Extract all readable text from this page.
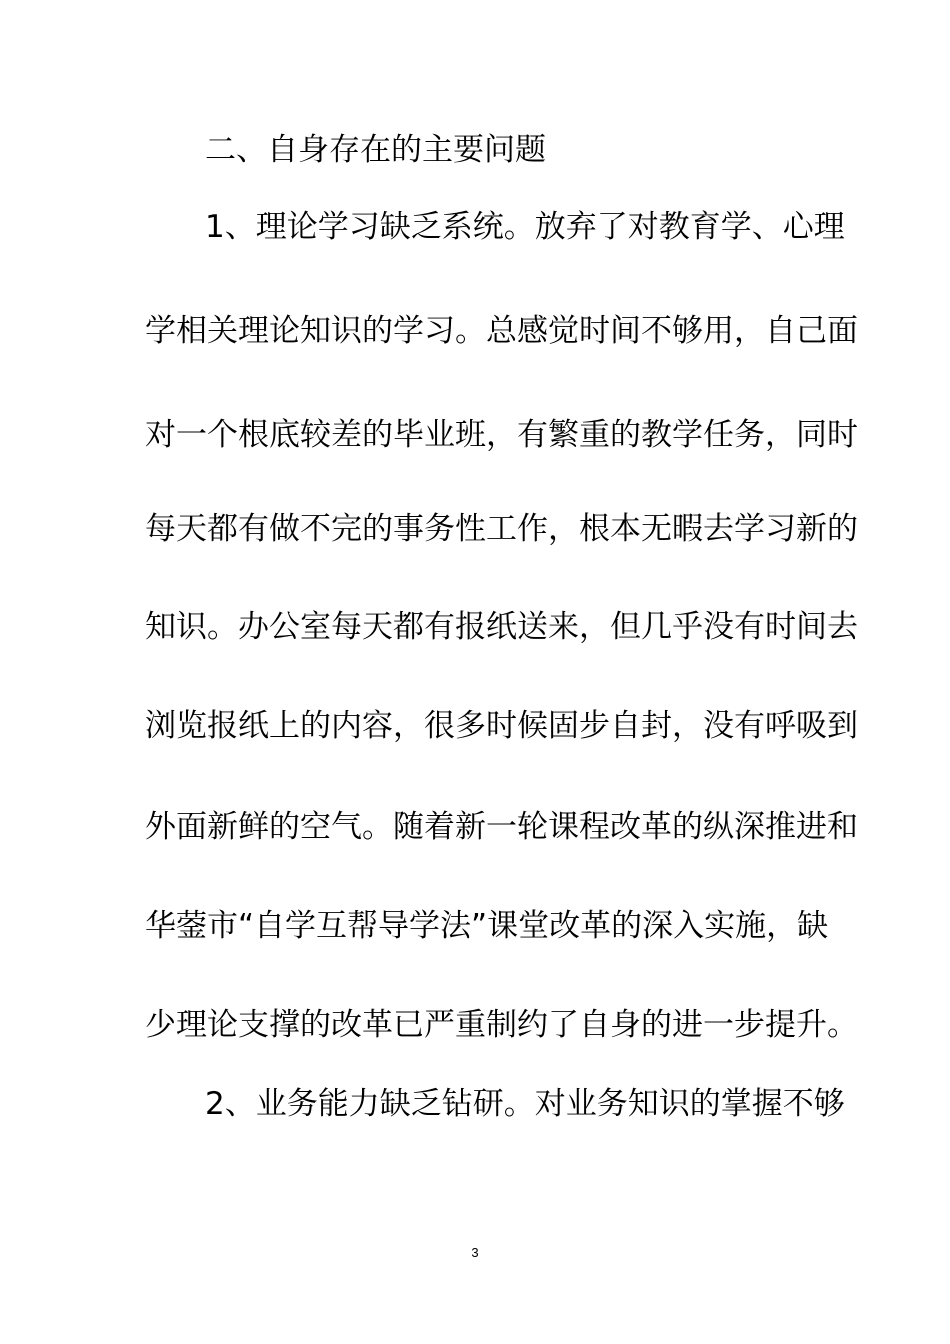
二、自身存在的主要问题

1、理论学习缺乏系统。放弃了对教育学、心理

学相关理论知识的学习。总感觉时间不够用，自己面

对一个根底较差的毕业班，有繁重的教学任务，同时

每天都有做不完的事务性工作，根本无暇去学习新的

知识。办公室每天都有报纸送来，但几乎没有时间去

浏览报纸上的内容，很多时候固步自封，没有呼吸到

外面新鲜的空气。随着新一轮课程改革的纵深推进和

华蓥市“自学互帮导学法”课堂改革的深入实施，缺

少理论支撑的改革已严重制约了自身的进一步提升。

2、业务能力缺乏钻研。对业务知识的掌握不够

3
